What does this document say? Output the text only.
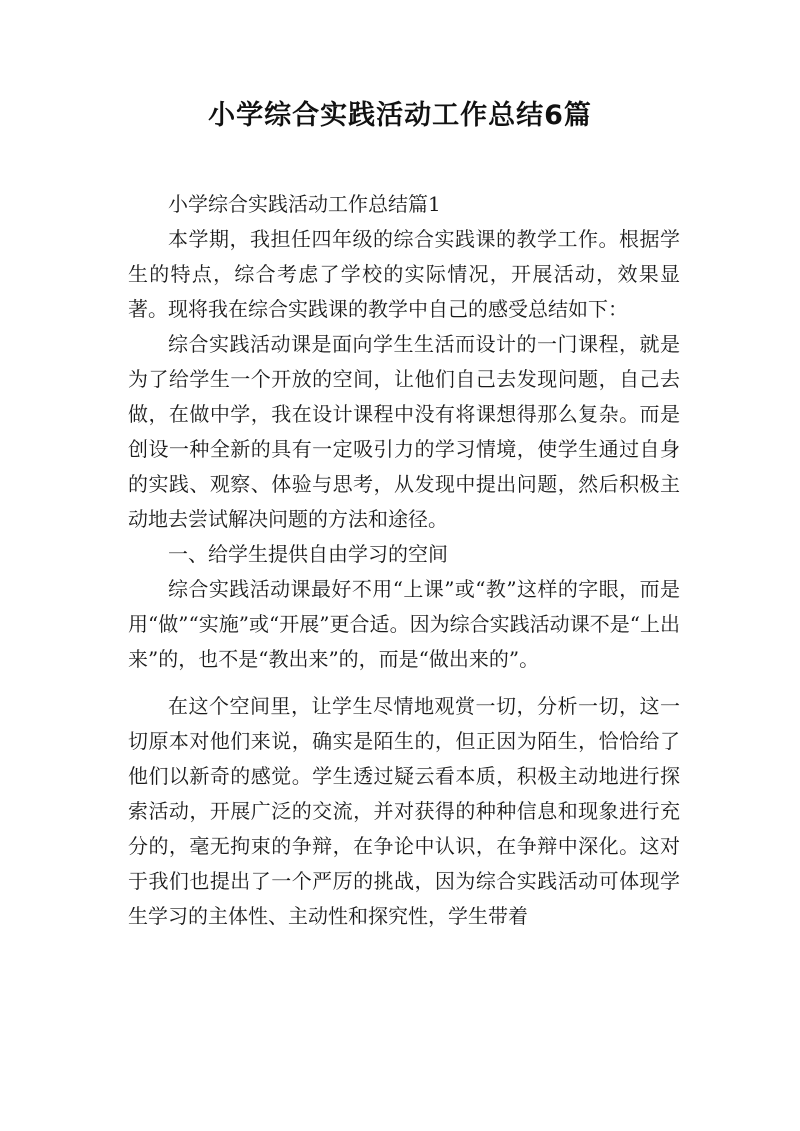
小学综合实践活动工作总结6篇

小学综合实践活动工作总结篇1

本学期，我担任四年级的综合实践课的教学工作。根据学生的特点，综合考虑了学校的实际情况，开展活动，效果显著。现将我在综合实践课的教学中自己的感受总结如下：

综合实践活动课是面向学生生活而设计的一门课程，就是为了给学生一个开放的空间，让他们自己去发现问题，自己去做，在做中学，我在设计课程中没有将课想得那么复杂。而是创设一种全新的具有一定吸引力的学习情境，使学生通过自身的实践、观察、体验与思考，从发现中提出问题，然后积极主动地去尝试解决问题的方法和途径。

一、给学生提供自由学习的空间

综合实践活动课最好不用“上课”或“教”这样的字眼，而是用“做”“实施”或“开展”更合适。因为综合实践活动课不是“上出来”的，也不是“教出来”的，而是“做出来的”。

在这个空间里，让学生尽情地观赏一切，分析一切，这一切原本对他们来说，确实是陌生的，但正因为陌生，恰恰给了他们以新奇的感觉。学生透过疑云看本质，积极主动地进行探索活动，开展广泛的交流，并对获得的种种信息和现象进行充分的，毫无拘束的争辩，在争论中认识，在争辩中深化。这对于我们也提出了一个严厉的挑战，因为综合实践活动可体现学生学习的主体性、主动性和探究性，学生带着
